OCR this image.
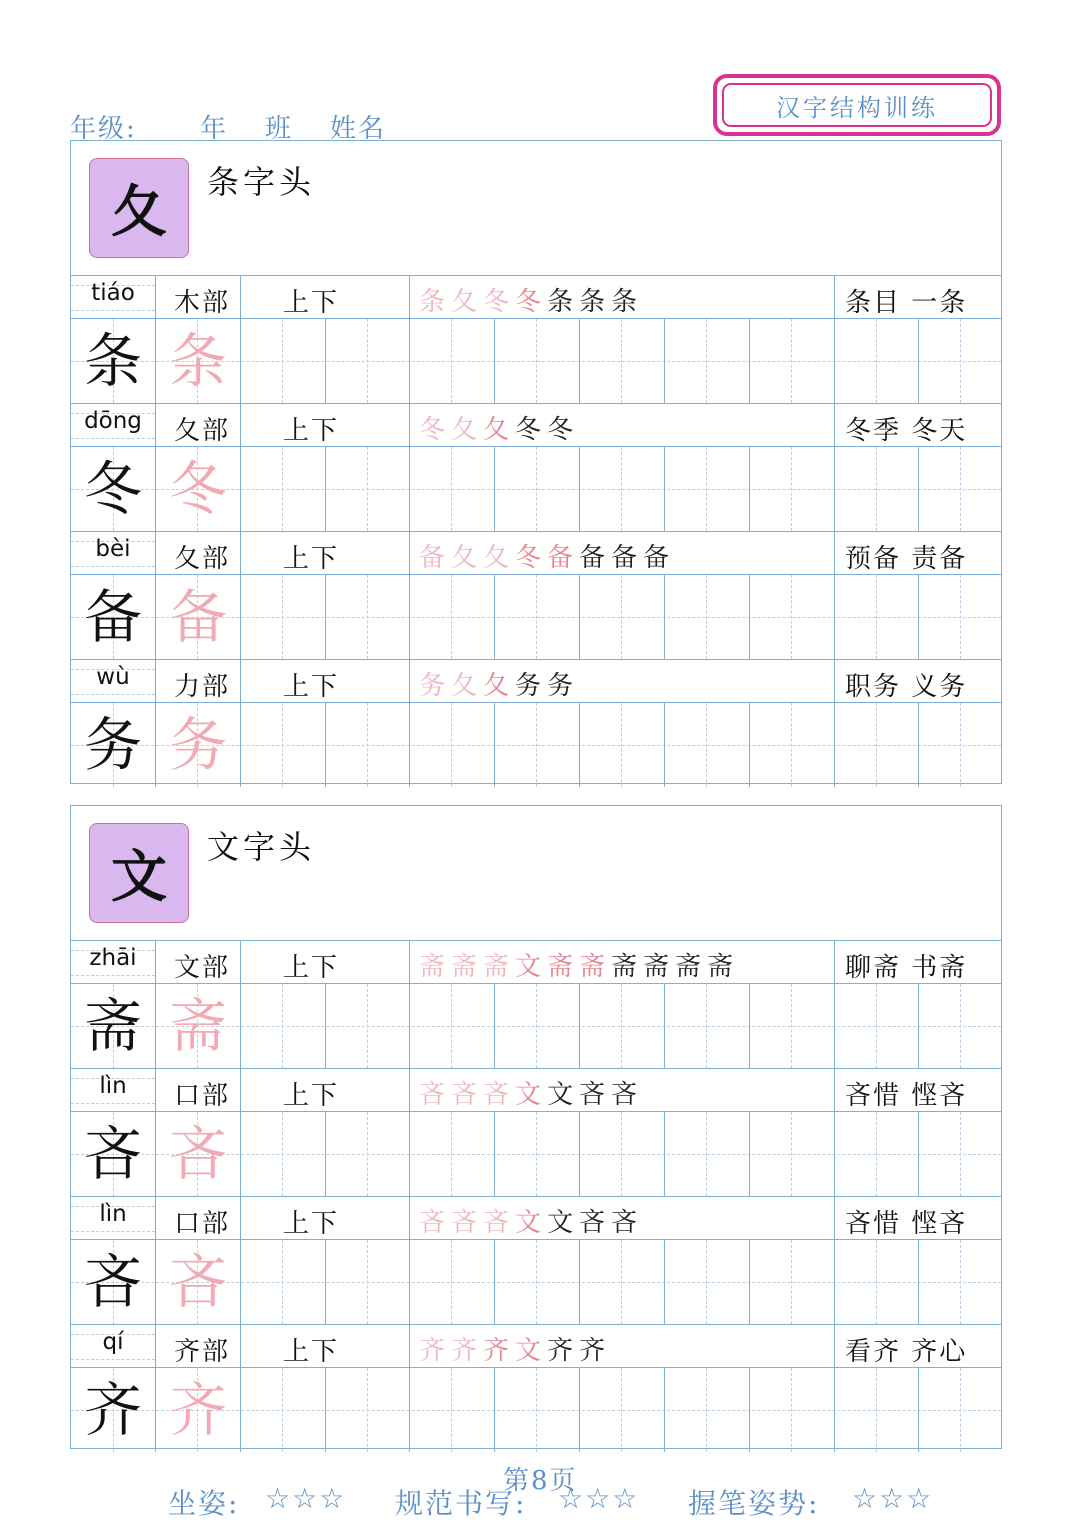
年级: 年 班 姓名
汉字结构训练
夂	条字头
tiáo	木部 上下	条夂冬冬条条条	条目 一条
条 条
dōng	夂部 上下	冬夂夂冬冬	冬季 冬天
冬 冬
bèi	夂部 上下	备夂夂冬备备备备	预备 责备
备 备
wù	力部 上下	务夂夂务务	职务 义务
务 务
文	文字头
zhāi	文部 上下	斋斋斋文斋斋斋斋斋斋	聊斋 书斋
斋 斋
lìn	口部 上下	吝吝吝文文吝吝	吝惜 悭吝
吝 吝
lìn	口部 上下	吝吝吝文文吝吝	吝惜 悭吝
吝 吝
qí	齐部 上下	齐齐齐文齐齐	看齐 齐心
齐 齐
第8页
坐姿: ☆☆☆ 规范书写: ☆☆☆ 握笔姿势: ☆☆☆
